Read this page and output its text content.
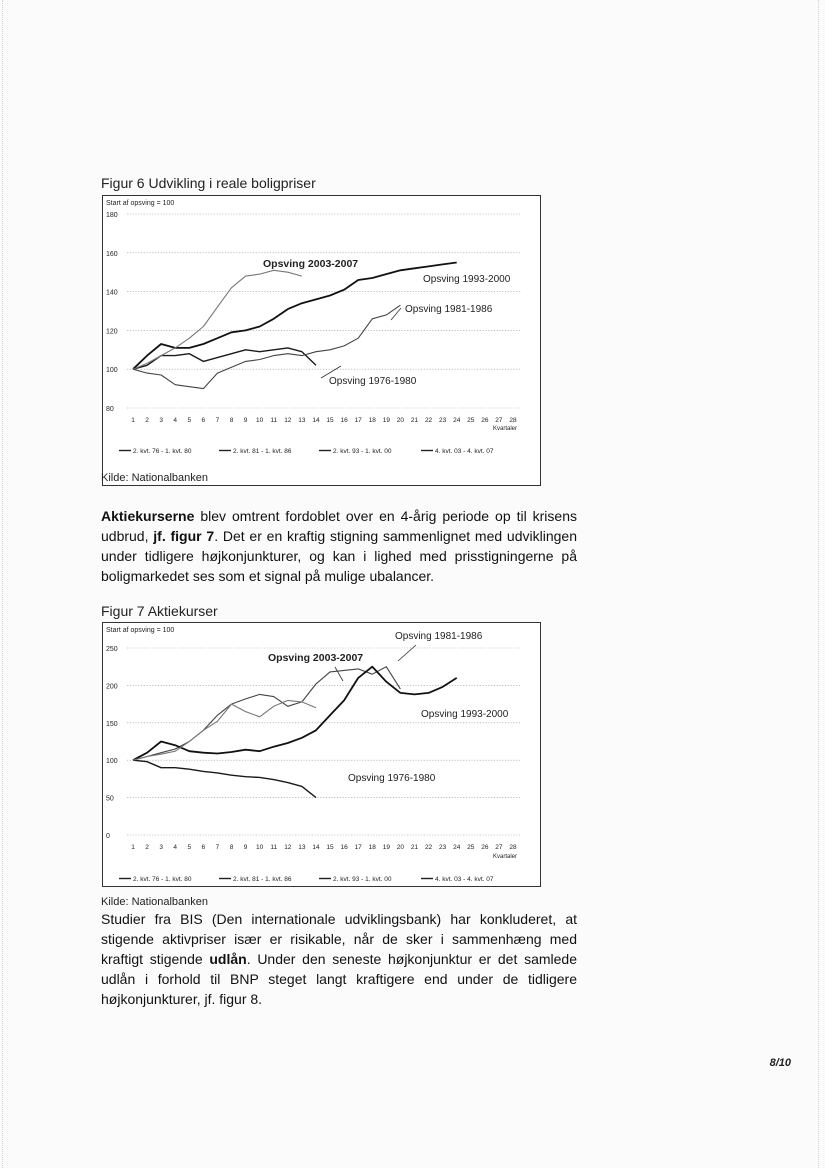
Figur 6 Udvikling i reale boligpriser
Start af opsving = 100
80
100
120
140
160
180
1 2 3 4 5 6 7 8 9 10 11 12 13 14 15 16 17 18 19 20 21 22 23 24 25 26 27 28
Kvartaler
Opsving 1976-1980
Opsving 1981-1986
Opsving 1993-2000
Opsving 2003-2007
2. kvt. 76 - 1. kvt. 80	2. kvt. 81 - 1. kvt. 86	2. kvt. 93 - 1. kvt. 00	4. kvt. 03 - 4. kvt. 07
Kilde: Nationalbanken

Aktiekurserne blev omtrent fordoblet over en 4-årig periode op til krisens udbrud, jf. figur 7. Det er en kraftig stigning sammenlignet med udviklingen under tidligere højkonjunkturer, og kan i lighed med prisstigningerne på boligmarkedet ses som et signal på mulige ubalancer.

Figur 7 Aktiekurser
Start af opsving = 100
0
50
100
150
200
250
1 2 3 4 5 6 7 8 9 10 11 12 13 14 15 16 17 18 19 20 21 22 23 24 25 26 27 28
Kvartaler
Opsving 1976-1980
Opsving 1981-1986
Opsving 1993-2000
Opsving 2003-2007
2. kvt. 76 - 1. kvt. 80	2. kvt. 81 - 1. kvt. 86	2. kvt. 93 - 1. kvt. 00	4. kvt. 03 - 4. kvt. 07
Kilde: Nationalbanken

Studier fra BIS (Den internationale udviklingsbank) har konkluderet, at stigende aktivpriser især er risikable, når de sker i sammenhæng med kraftigt stigende udlån. Under den seneste højkonjunktur er det samlede udlån i forhold til BNP steget langt kraftigere end under de tidligere højkonjunkturer, jf. figur 8.

8/10
